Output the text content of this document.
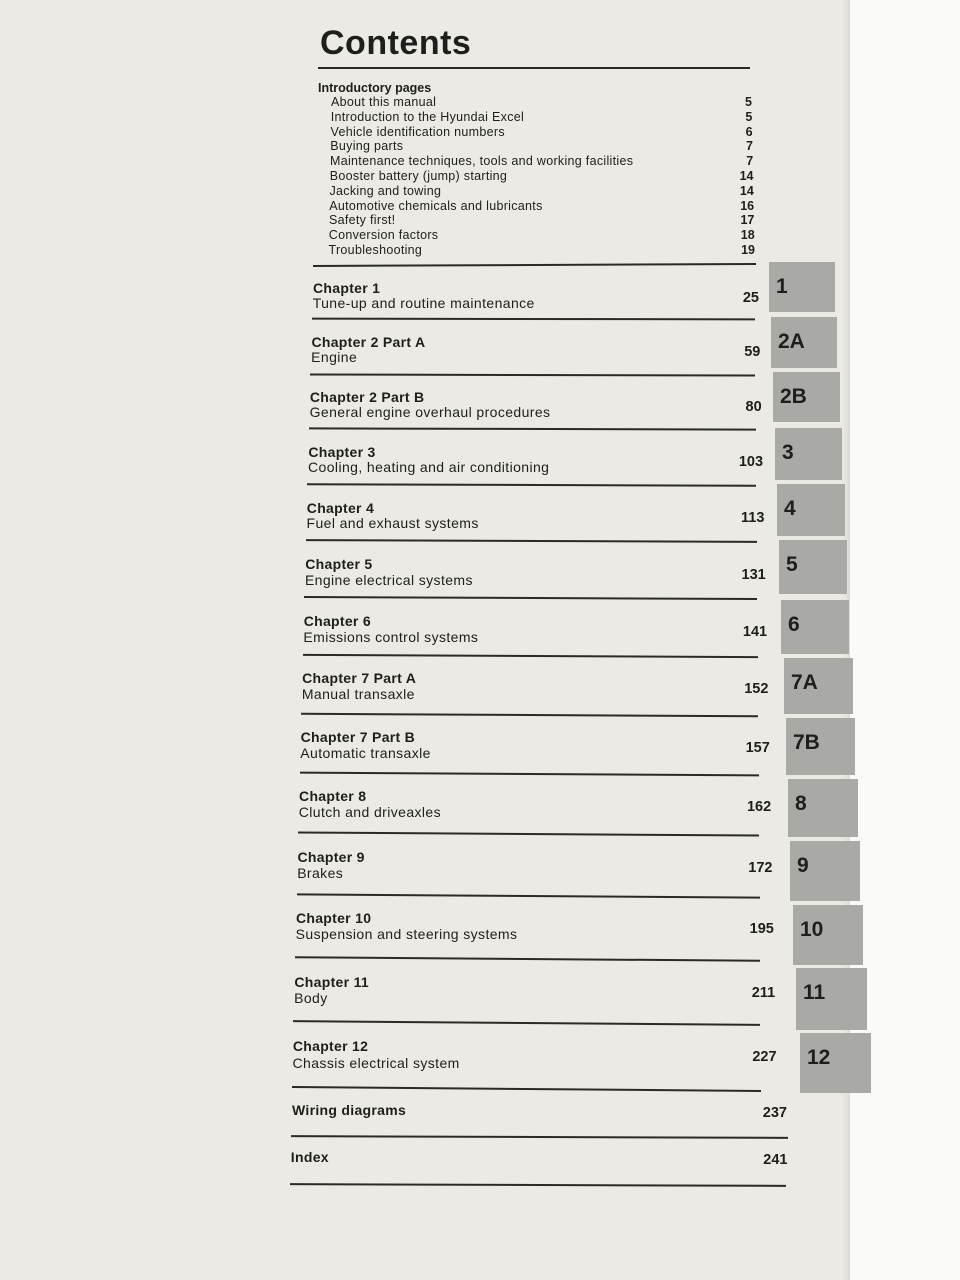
Contents
Introductory pages
About this manual	5
Introduction to the Hyundai Excel	5
Vehicle identification numbers	6
Buying parts	7
Maintenance techniques, tools and working facilities	7
Booster battery (jump) starting	14
Jacking and towing	14
Automotive chemicals and lubricants	16
Safety first!	17
Conversion factors	18
Troubleshooting	19
Chapter 1
Tune-up and routine maintenance	25 1
Chapter 2 Part A
Engine	59 2A
Chapter 2 Part B
General engine overhaul procedures	80 2B
Chapter 3
Cooling, heating and air conditioning	103 3
Chapter 4
Fuel and exhaust systems	113 4
Chapter 5
Engine electrical systems	131 5
Chapter 6
Emissions control systems	141 6
Chapter 7 Part A
Manual transaxle	152 7A
Chapter 7 Part B
Automatic transaxle	157 7B
Chapter 8
Clutch and driveaxles	162 8
Chapter 9
Brakes	172 9
Chapter 10
Suspension and steering systems	195 10
Chapter 11
Body	211 11
Chapter 12
Chassis electrical system	227 12
Wiring diagrams	237
Index	241
